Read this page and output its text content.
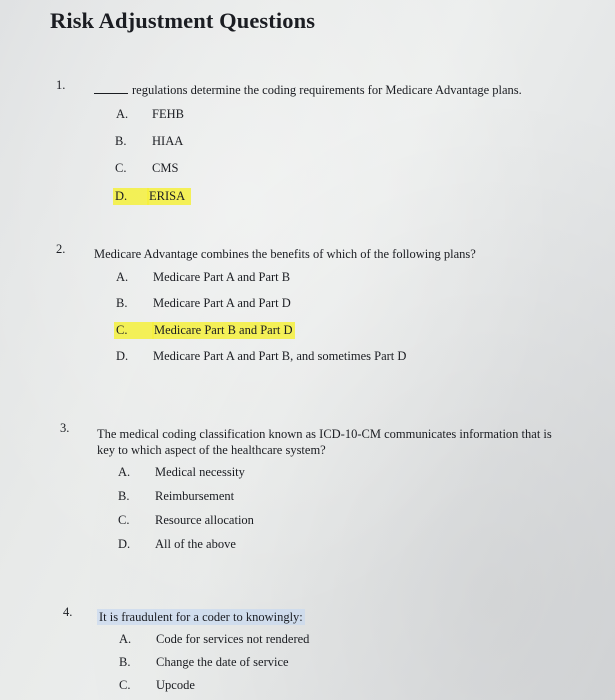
Risk Adjustment Questions
1.	regulations determine the coding requirements for Medicare Advantage plans.
A. FEHB
B. HIAA
C. CMS
D.	ERISA
2. Medicare Advantage combines the benefits of which of the following plans?
A. Medicare Part A and Part B
B. Medicare Part A and Part D
C.	Medicare Part B and Part D
D. Medicare Part A and Part B, and sometimes Part D
3. The medical coding classification known as ICD-10-CM communicates information that is key to which aspect of the healthcare system?
A. Medical necessity
B. Reimbursement
C. Resource allocation
D. All of the above
4. It is fraudulent for a coder to knowingly:
A. Code for services not rendered
B. Change the date of service
C. Upcode
